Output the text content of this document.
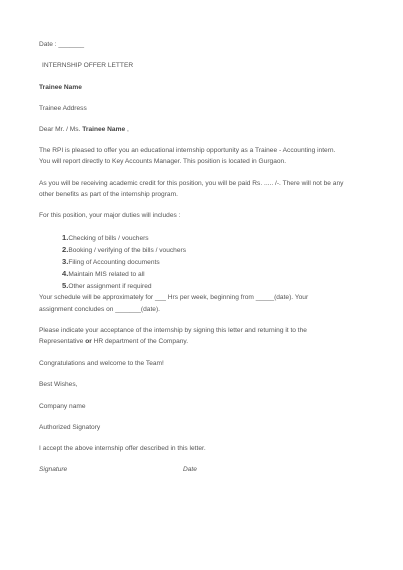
Date : _______
INTERNSHIP OFFER LETTER
Trainee Name
Trainee Address
Dear Mr. / Ms. Trainee Name ,
The RPI is pleased to offer you an educational internship opportunity as a Trainee - Accounting intern.
You will report directly to Key Accounts Manager. This position is located in Gurgaon.
As you will be receiving academic credit for this position, you will be paid Rs. ..... /-. There will not be any
other benefits as part of the internship program.
For this position, your major duties will includes :
1.Checking of bills / vouchers
2.Booking / verifying of the bills / vouchers
3.Filing of Accounting documents
4.Maintain MIS related to all
5.Other assignment if required
Your schedule will be approximately for ___ Hrs per week, beginning from _____(date). Your
assignment concludes on _______(date).
Please indicate your acceptance of the internship by signing this letter and returning it to the
Representative or HR department of the Company.
Congratulations and welcome to the Team!
Best Wishes,
Company name
Authorized Signatory
I accept the above internship offer described in this letter.
Signature	Date
